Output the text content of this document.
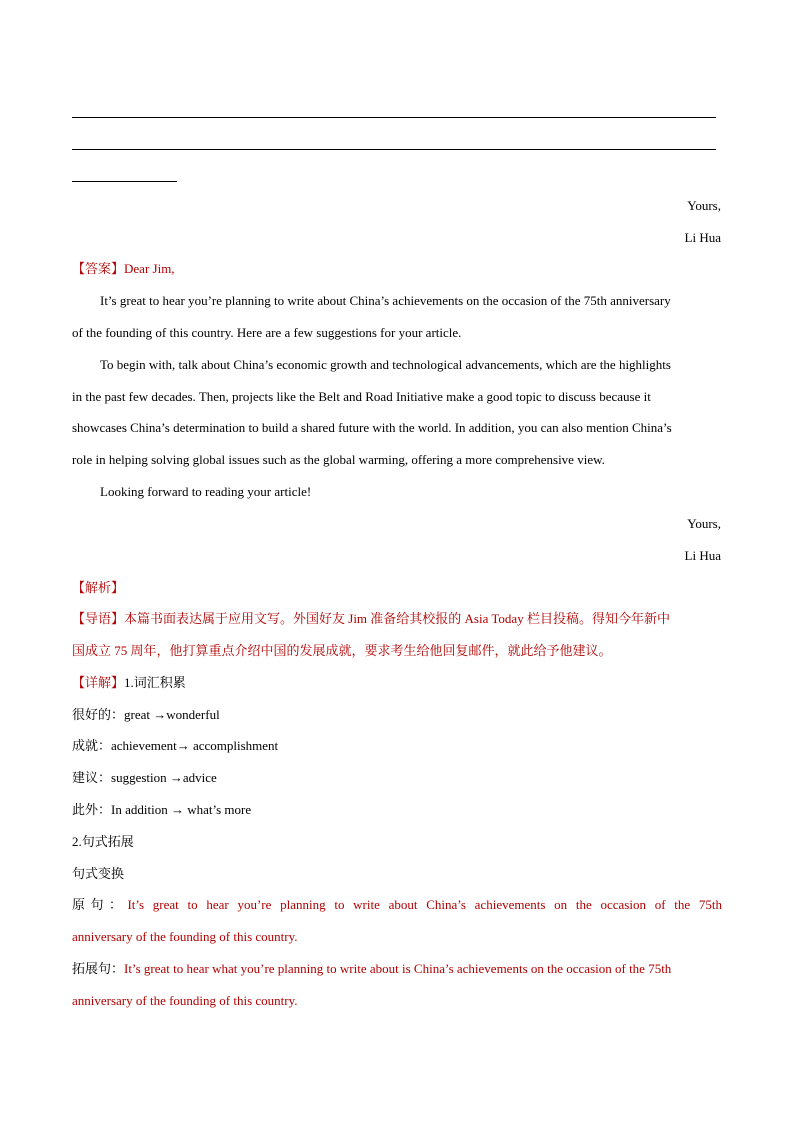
Yours,
Li Hua
【答案】Dear Jim,
It’s great to hear you’re planning to write about China’s achievements on the occasion of the 75th anniversary
of the founding of this country. Here are a few suggestions for your article.
To begin with, talk about China’s economic growth and technological advancements, which are the highlights
in the past few decades. Then, projects like the Belt and Road Initiative make a good topic to discuss because it
showcases China’s determination to build a shared future with the world. In addition, you can also mention China’s
role in helping solving global issues such as the global warming, offering a more comprehensive view.
Looking forward to reading your article!
Yours,
Li Hua
【解析】
【导语】本篇书面表达属于应用文写。外国好友 Jim 准备给其校报的 Asia Today 栏目投稿。得知今年新中
国成立 75 周年，他打算重点介绍中国的发展成就，要求考生给他回复邮件，就此给予他建议。
【详解】1.词汇积累
很好的：great →wonderful
成就：achievement→ accomplishment
建议：suggestion →advice
此外：In addition → what’s more
2.句式拓展
句式变换
原句：It’s great to hear you’re planning to write about China’s achievements on the occasion of the 75th
anniversary of the founding of this country.
拓展句：It’s great to hear what you’re planning to write about is China’s achievements on the occasion of the 75th
anniversary of the founding of this country.
